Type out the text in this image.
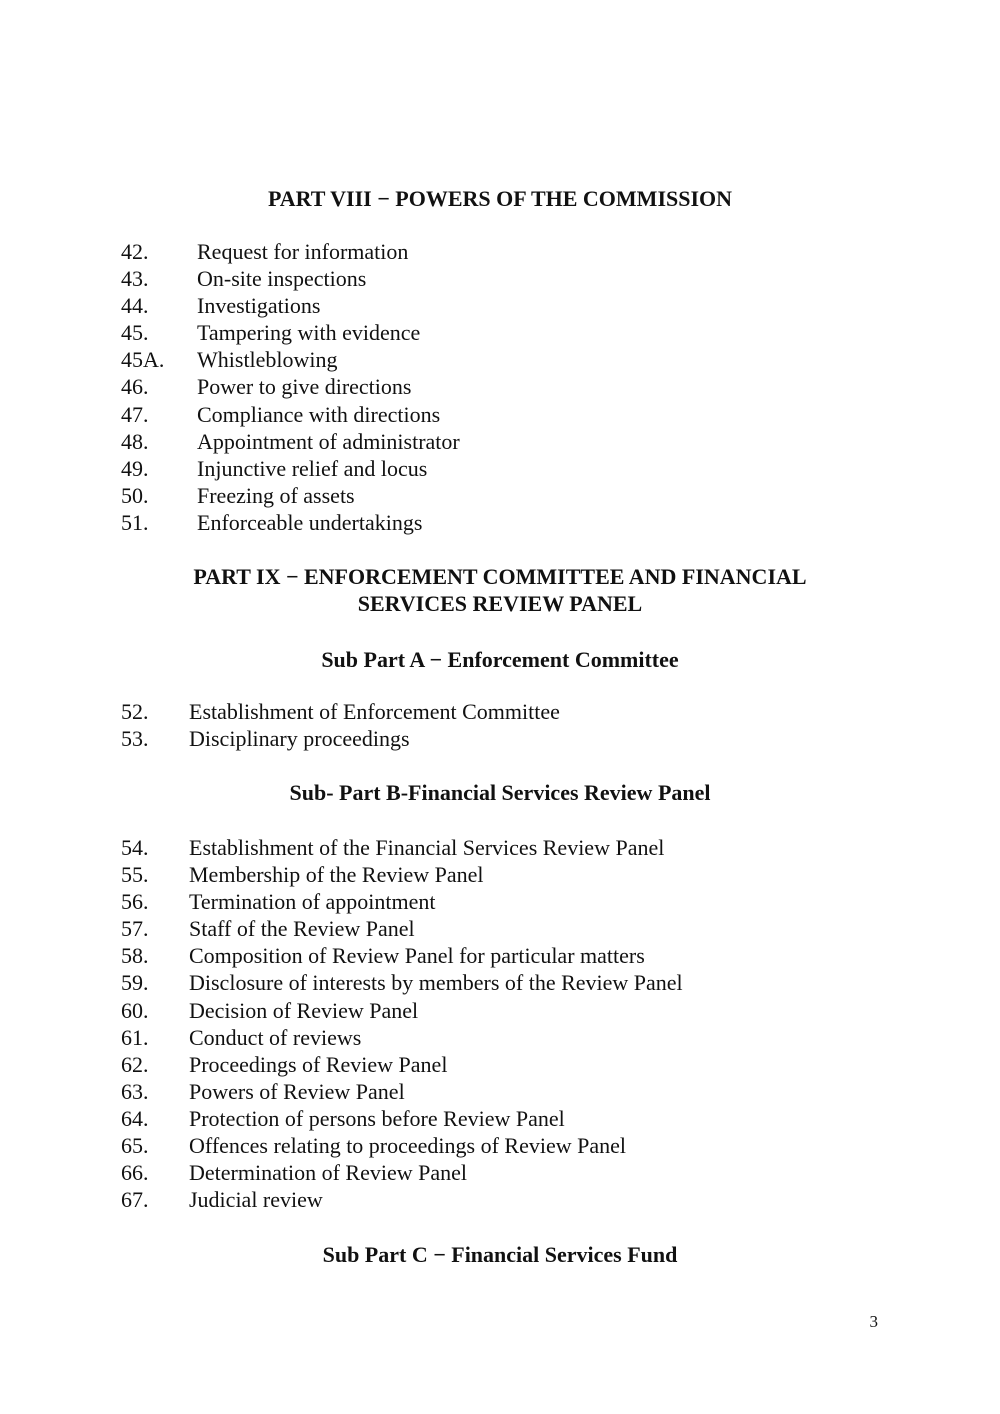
PART VIII − POWERS OF THE COMMISSION
42. Request for information
43. On-site inspections
44. Investigations
45. Tampering with evidence
45A. Whistleblowing
46. Power to give directions
47. Compliance with directions
48. Appointment of administrator
49. Injunctive relief and locus
50. Freezing of assets
51. Enforceable undertakings
PART IX − ENFORCEMENT COMMITTEE AND FINANCIAL
SERVICES REVIEW PANEL
Sub Part A − Enforcement Committee
52. Establishment of Enforcement Committee
53. Disciplinary proceedings
Sub- Part B-Financial Services Review Panel
54. Establishment of the Financial Services Review Panel
55. Membership of the Review Panel
56. Termination of appointment
57. Staff of the Review Panel
58. Composition of Review Panel for particular matters
59. Disclosure of interests by members of the Review Panel
60. Decision of Review Panel
61. Conduct of reviews
62. Proceedings of Review Panel
63. Powers of Review Panel
64. Protection of persons before Review Panel
65. Offences relating to proceedings of Review Panel
66. Determination of Review Panel
67. Judicial review
Sub Part C − Financial Services Fund
3
